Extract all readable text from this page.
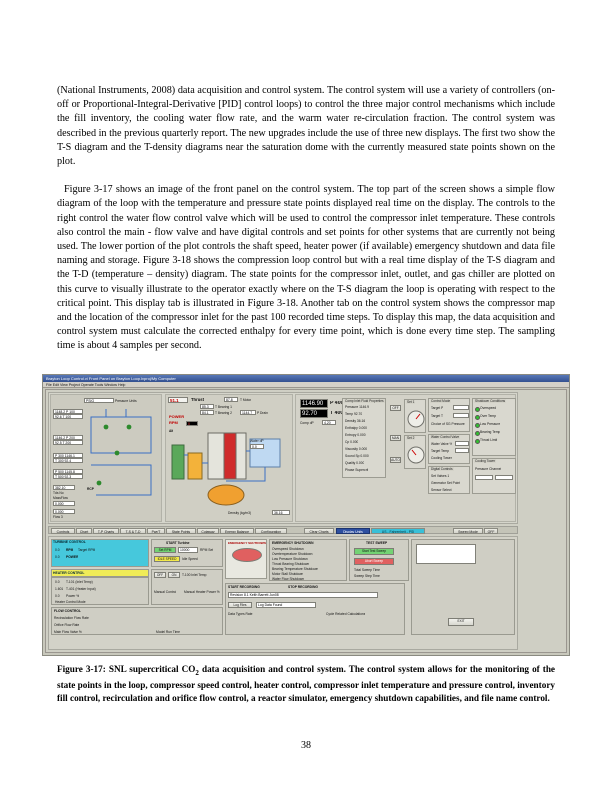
(National Instruments, 2008) data acquisition and control system. The control system will use a variety of controllers (on-off or Proportional-Integral-Derivative [PID] control loops) to control the three major control mechanisms which include the fill inventory, the cooling water flow rate, and the warm water re-circulation fraction. The control system was described in the previous quarterly report. The new upgrades include the use of three new displays. The first two show the T-S diagram and the T-density diagrams near the saturation dome with the currently measured state points shown on the plot.

Figure 3-17 shows an image of the front panel on the control system. The top part of the screen shows a simple flow diagram of the loop with the temperature and pressure state points displayed real time on the display. The controls to the right control the water flow control valve which will be used to control the compressor inlet temperature. These controls also control the main - flow valve and have digital controls and set points for other systems that are currently not being used. The lower portion of the plot controls the shaft speed, heater power (if available) emergency shutdown and data file naming and storage. Figure 3-18 shows the compression loop control but with a real time display of the T-S diagram and the T-D (temperature – density) diagram. The state points for the compressor inlet, outlet, and gas chiller are plotted on this curve to visually illustrate to the operator exactly where on the T-S diagram the loop is operating with respect to the critical point. This display tab is illustrated in Figure 3-18. Another tab on the control system shows the compressor map and the location of the compressor inlet for the past 100 recorded time steps. To display this map, the data acquisition and control system must calculate the corrected enthalpy for every time point, which is done every time step. The sampling time is about 4 samples per second.

Brayton Loop Control.vi Front Panel on Brayton Loop.lvproj/My Computer
File Edit View Project Operate Tools Window Help
PSIG	Pressure Units
1148.2 P 100
92.6 T 100
1146.2 P 200
92.5 T 200
P 300 1146.1
T 300 92.4
P 500 1145.8
T 500 92.3
382.10
Tds No
MassFlow
0.000
0.000
Flow 3
RCP
51.1	Thrust	87.8	T Motor
85.3	T Bearing 1
84.1	T Bearing 2	1144.7	P Drain
POWER
RPM	0
Alt
Water dP
0.0
Density (kg/m3)	36.16
1146.90	P 400
92.70	T 400
Comp dP	4.20
Comp Inlet Fluid Properties
Pressure 1146.9
Temp 92.70
Density 36.16
Enthalpy 0.000
Entropy 0.000
Cp 0.000
Viscosity 0.000
Sound Sp 0.000
Quality 0.000
Phase Supercrit
OFF
MAN
AUTO
Set 1
Set 2
Control Mode
Target P
Target T
Choice of SG Pressure
Water Control Valve
Water Valve %
Target Temp
Cooling Tower
Digital Controls
Set Valves 1
Generator Set Point
Sensor Select
Shutdown Conditions
Overspeed
Over Temp
Low Pressure
Bearing Temp
Thrust Limit
Cooling Tower
Pressure Channel
Controls	Chart	T-P Charts	T-S & T-D	Pwr/T	State Points	Cutaway	Energy Balance	Configuration	Clear Charts	Display Units	US - Fahrenheit - PSI	Sweep Mode	OFF
TURBINE CONTROL
0.0 RPM Target RPM
0.0 POWER
START Turbine
Set RPM	10000	RPM Set
IDLE SPEED	Idle Speed
HEATER CONTROL
0.0 T-101 (Inlet Temp)
1.601 T-401 (Heater Input)
0.0 Power %
Heater Control Mode
OFF	ON	T-100 Inlet Temp
Manual Control Manual Heater Power %
FLOW CONTROL
Recirculation Flow Rate
Orifice Flow Rate
Main Flow Valve %	Model Run Time
EMERGENCY SHUTDOWN
START RECORDING	STOP RECORDING
Revision 8.1 Keith Barrett Jun08
Log Files	Log Data Found
Data Types Rate	Cycle Related Calculations
EMERGENCY SHUTDOWN
Overspeed Shutdown
Overtemperature Shutdown
Low Pressure Shutdown
Thrust Bearing Shutdown
Bearing Temperature Shutdown
Motor Stall Shutdown
Water Flow Shutdown
TEST SWEEP
Start Test Sweep
Abort Sweep
Total Sweep Time
Sweep Step Time
EXIT
Figure 3-17: SNL supercritical $CO_2$ data acquisition and control system. The control system allows for the monitoring of the state points in the loop, compressor speed control, heater control, compressor inlet temperature and pressure control, inventory fill control, recirculation and orifice flow control, a reactor simulator, emergency shutdown capabilities, and file name control.
38
